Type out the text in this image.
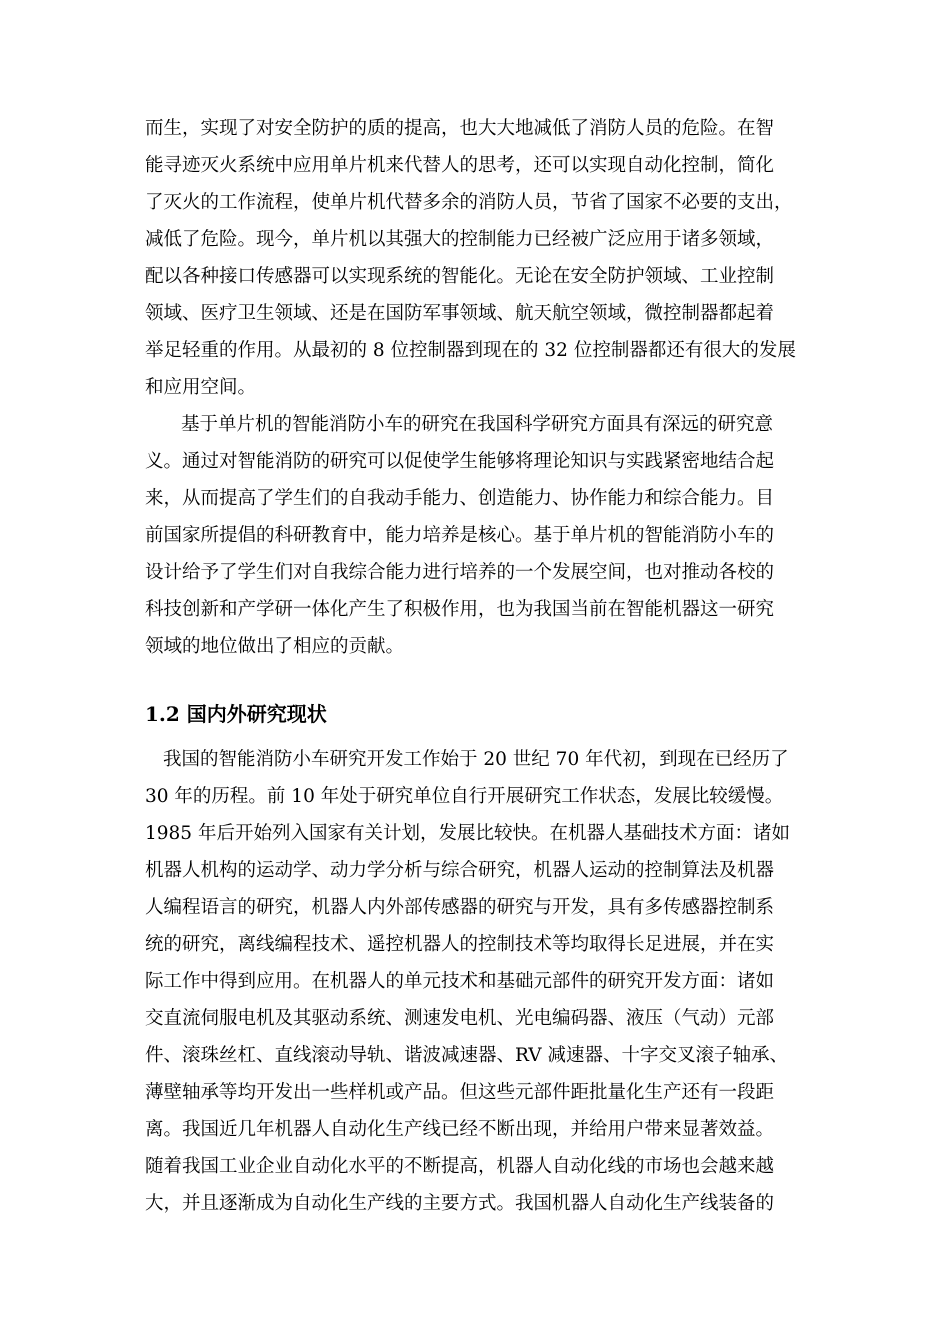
而生，实现了对安全防护的质的提高，也大大地减低了消防人员的危险。在智

能寻迹灭火系统中应用单片机来代替人的思考，还可以实现自动化控制，简化

了灭火的工作流程，使单片机代替多余的消防人员，节省了国家不必要的支出，

减低了危险。现今，单片机以其强大的控制能力已经被广泛应用于诸多领域，

配以各种接口传感器可以实现系统的智能化。无论在安全防护领域、工业控制

领域、医疗卫生领域、还是在国防军事领域、航天航空领域，微控制器都起着

举足轻重的作用。从最初的 8 位控制器到现在的 32 位控制器都还有很大的发展

和应用空间。

基于单片机的智能消防小车的研究在我国科学研究方面具有深远的研究意

义。通过对智能消防的研究可以促使学生能够将理论知识与实践紧密地结合起

来，从而提高了学生们的自我动手能力、创造能力、协作能力和综合能力。目

前国家所提倡的科研教育中，能力培养是核心。基于单片机的智能消防小车的

设计给予了学生们对自我综合能力进行培养的一个发展空间，也对推动各校的

科技创新和产学研一体化产生了积极作用，也为我国当前在智能机器这一研究

领域的地位做出了相应的贡献。

1.2 国内外研究现状

我国的智能消防小车研究开发工作始于 20 世纪 70 年代初，到现在已经历了

30 年的历程。前 10 年处于研究单位自行开展研究工作状态，发展比较缓慢。

1985 年后开始列入国家有关计划，发展比较快。在机器人基础技术方面：诸如

机器人机构的运动学、动力学分析与综合研究，机器人运动的控制算法及机器

人编程语言的研究，机器人内外部传感器的研究与开发，具有多传感器控制系

统的研究，离线编程技术、遥控机器人的控制技术等均取得长足进展，并在实

际工作中得到应用。在机器人的单元技术和基础元部件的研究开发方面：诸如

交直流伺服电机及其驱动系统、测速发电机、光电编码器、液压（气动）元部

件、滚珠丝杠、直线滚动导轨、谐波减速器、RV 减速器、十字交叉滚子轴承、

薄壁轴承等均开发出一些样机或产品。但这些元部件距批量化生产还有一段距

离。我国近几年机器人自动化生产线已经不断出现，并给用户带来显著效益。

随着我国工业企业自动化水平的不断提高，机器人自动化线的市场也会越来越

大，并且逐渐成为自动化生产线的主要方式。我国机器人自动化生产线装备的
